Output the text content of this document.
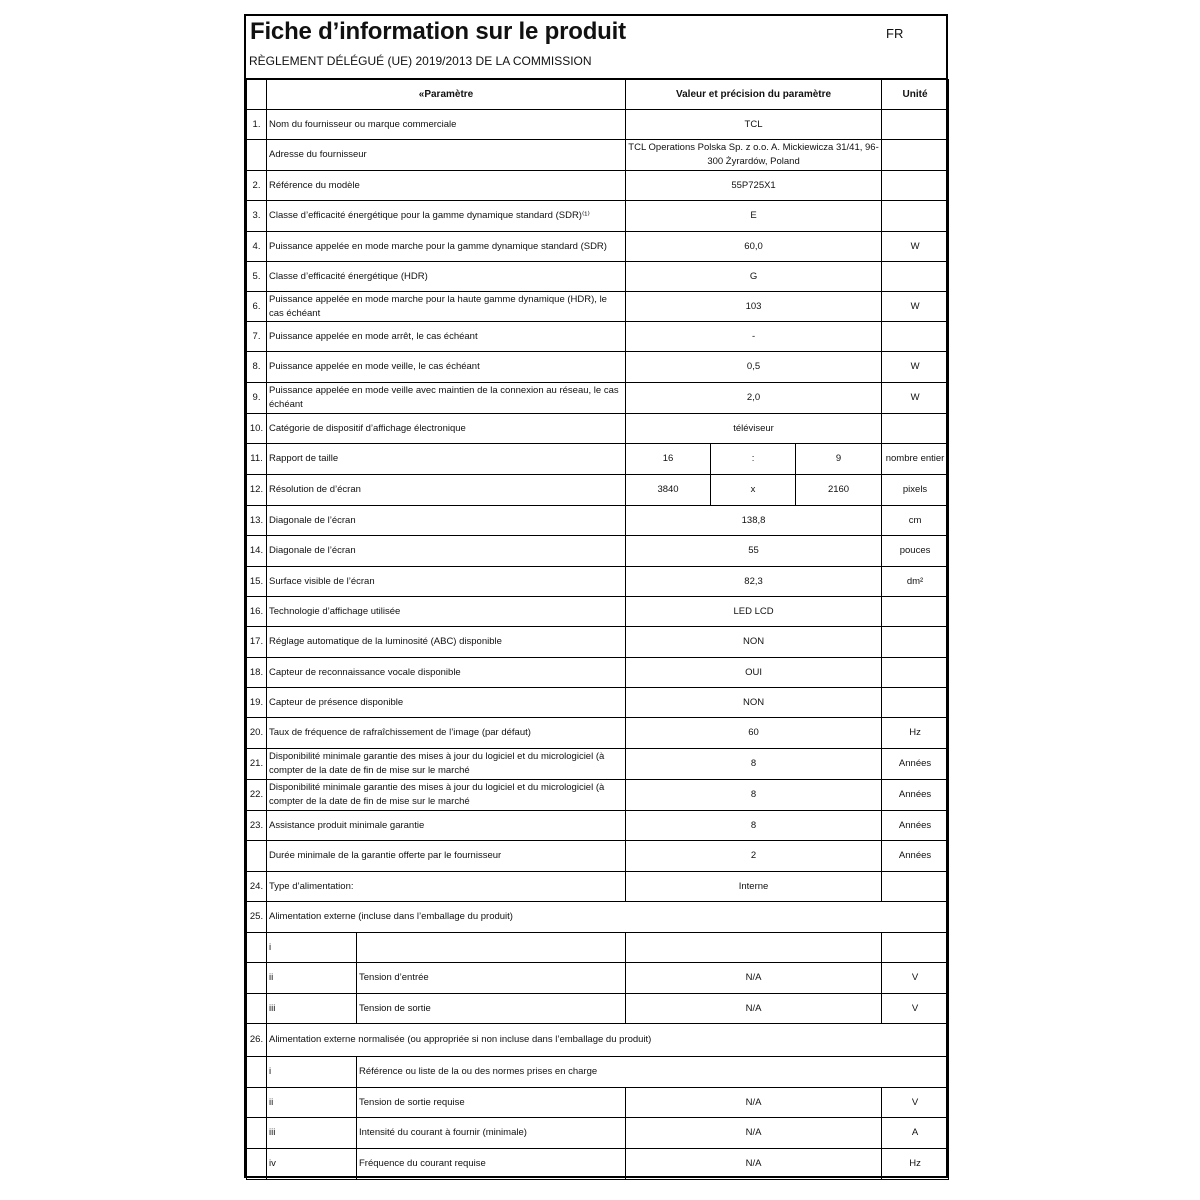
Fiche d’information sur le produit	FR
RÈGLEMENT DÉLÉGUÉ (UE) 2019/2013 DE LA COMMISSION
	«Paramètre		Valeur et précision du paramètre			Unité
1.	Nom du fournisseur ou marque commerciale		TCL			
	Adresse du fournisseur		TCL Operations Polska Sp. z o.o. A. Mickiewicza 31/41, 96-300 Żyrardów, Poland			
2.	Référence du modèle		55P725X1			
3.	Classe d’efficacité énergétique pour la gamme dynamique standard (SDR)⁽¹⁾		E			
4.	Puissance appelée en mode marche pour la gamme dynamique standard (SDR)		60,0			W
5.	Classe d’efficacité énergétique (HDR)		G			
6.	Puissance appelée en mode marche pour la haute gamme dynamique (HDR), le cas échéant		103			W
7.	Puissance appelée en mode arrêt, le cas échéant		-			
8.	Puissance appelée en mode veille, le cas échéant		0,5			W
9.	Puissance appelée en mode veille avec maintien de la connexion au réseau, le cas échéant		2,0			W
10.	Catégorie de dispositif d’affichage électronique		téléviseur			
11.	Rapport de taille		16	:	9	nombre entier
12.	Résolution de d’écran		3840	x	2160	pixels
13.	Diagonale de l’écran		138,8			cm
14.	Diagonale de l’écran		55			pouces
15.	Surface visible de l’écran		82,3			dm²
16.	Technologie d’affichage utilisée		LED LCD			
17.	Réglage automatique de la luminosité (ABC) disponible		NON			
18.	Capteur de reconnaissance vocale disponible		OUI			
19.	Capteur de présence disponible		NON			
20.	Taux de fréquence de rafraîchissement de l’image (par défaut)		60			Hz
21.	Disponibilité minimale garantie des mises à jour du logiciel et du micrologiciel (à compter de la date de fin de mise sur le marché		8			Années
22.	Disponibilité minimale garantie des mises à jour du logiciel et du micrologiciel (à compter de la date de fin de mise sur le marché		8			Années
23.	Assistance produit minimale garantie		8			Années
	Durée minimale de la garantie offerte par le fournisseur		2			Années
24.	Type d’alimentation:		Interne			
25.	Alimentation externe (incluse dans l’emballage du produit)					
	i					
	ii	Tension d’entrée	N/A			V
	iii	Tension de sortie	N/A			V
26.	Alimentation externe normalisée (ou appropriée si non incluse dans l’emballage du produit)					
	i	Référence ou liste de la ou des normes prises en charge				
	ii	Tension de sortie requise	N/A			V
	iii	Intensité du courant à fournir (minimale)	N/A			A
	iv	Fréquence du courant requise	N/A			Hz
